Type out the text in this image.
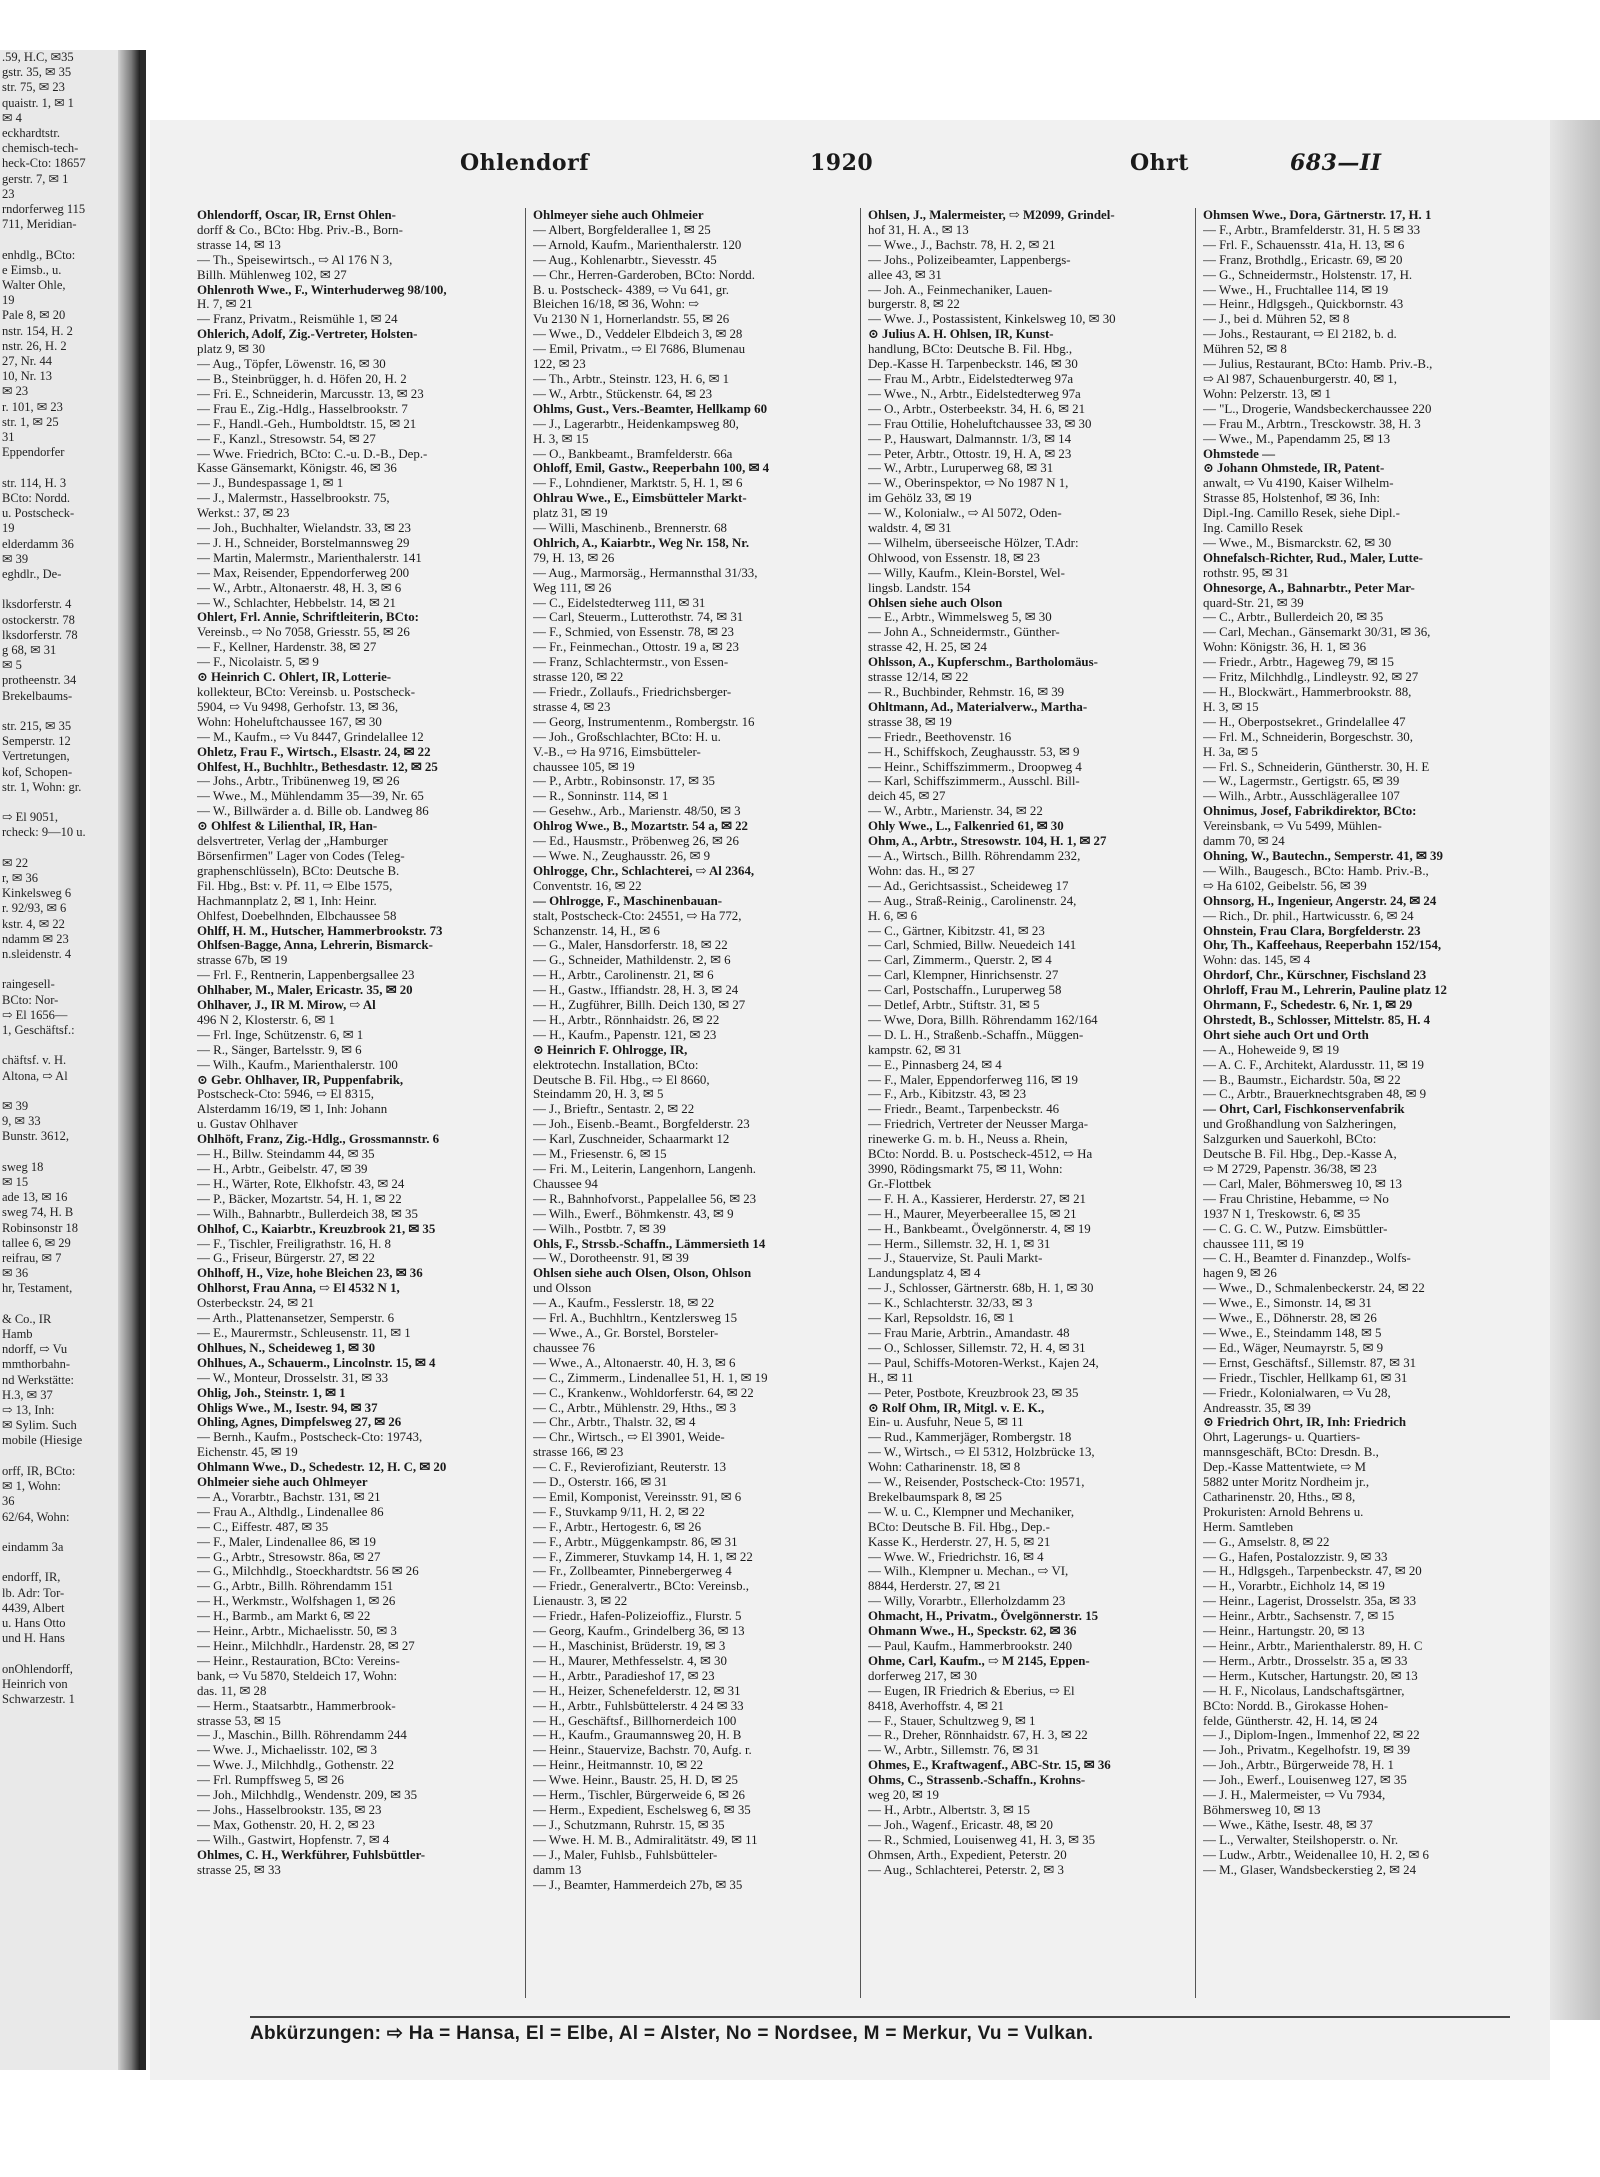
.59, H.C, ✉35
gstr. 35, ✉ 35
str. 75, ✉ 23
quaistr. 1, ✉ 1
✉ 4
eckhardtstr.
chemisch-tech-
heck-Cto: 18657
gerstr. 7, ✉ 1
23
rndorferweg 115
711, Meridian-

enhdlg., BCto:
e Eimsb., u.
Walter Ohle,
19
Pale 8, ✉ 20
nstr. 154, H. 2
nstr. 26, H. 2
27, Nr. 44
10, Nr. 13
✉ 23
r. 101, ✉ 23
str. 1, ✉ 25
31
Eppendorfer

str. 114, H. 3
BCto: Nordd.
u. Postscheck-
19
elderdamm 36
✉ 39
eghdlr., De-

lksdorferstr. 4
ostockerstr. 78
lksdorferstr. 78
g 68, ✉ 31
✉ 5
protheenstr. 34
Brekelbaums-

str. 215, ✉ 35
Semperstr. 12
Vertretungen,
kof, Schopen-
str. 1, Wohn: gr.

⇨ El 9051,
rcheck: 9—10 u.

✉ 22
r, ✉ 36
Kinkelsweg 6
r. 92/93, ✉ 6
kstr. 4, ✉ 22
ndamm ✉ 23
n.sleidenstr. 4

raingesell-
BCto: Nor-
⇨ El 1656—
1, Geschäftsf.:

chäftsf. v. H.
Altona, ⇨ Al

✉ 39
9, ✉ 33
Bunstr. 3612,

sweg 18
✉ 15
ade 13, ✉ 16
sweg 74, H. B
Robinsonstr 18
tallee 6, ✉ 29
reifrau, ✉ 7
✉ 36
hr, Testament,

& Co., IR
Hamb
ndorff, ⇨ Vu
mmthorbahn-
nd Werkstätte:
H.3, ✉ 37
⇨ 13, Inh:
✉ Sylim. Such
mobile (Hiesige

orff, IR, BCto:
✉ 1, Wohn:
36
62/64, Wohn:

eindamm 3a

endorff, IR,
lb. Adr: Tor-
4439, Albert
u. Hans Otto
und H. Hans

onOhlendorff,
Heinrich von
Schwarzestr. 1
Ohlendorf	1920	Ohrt	683—II
Ohlendorff, Oscar, IR, Ernst Ohlen-
dorff & Co., BCto: Hbg. Priv.-B., Born-
strasse 14, ✉ 13
— Th., Speisewirtsch., ⇨ Al 176 N 3,
Billh. Mühlenweg 102, ✉ 27
Ohlenroth Wwe., F., Winterhuderweg 98/100,
H. 7, ✉ 21
— Franz, Privatm., Reismühle 1, ✉ 24
Ohlerich, Adolf, Zig.-Vertreter, Holsten-
platz 9, ✉ 30
— Aug., Töpfer, Löwenstr. 16, ✉ 30
— B., Steinbrügger, h. d. Höfen 20, H. 2
— Fri. E., Schneiderin, Marcusstr. 13, ✉ 23
— Frau E., Zig.-Hdlg., Hasselbrookstr. 7
— F., Handl.-Geh., Humboldtstr. 15, ✉ 21
— F., Kanzl., Stresowstr. 54, ✉ 27
— Wwe. Friedrich, BCto: C.-u. D.-B., Dep.-
Kasse Gänsemarkt, Königstr. 46, ✉ 36
— J., Bundespassage 1, ✉ 1
— J., Malermstr., Hasselbrookstr. 75,
Werkst.: 37, ✉ 23
— Joh., Buchhalter, Wielandstr. 33, ✉ 23
— J. H., Schneider, Borstelmannsweg 29
— Martin, Malermstr., Marienthalerstr. 141
— Max, Reisender, Eppendorferweg 200
— W., Arbtr., Altonaerstr. 48, H. 3, ✉ 6
— W., Schlachter, Hebbelstr. 14, ✉ 21
Ohlert, Frl. Annie, Schriftleiterin, BCto:
Vereinsb., ⇨ No 7058, Griesstr. 55, ✉ 26
— F., Kellner, Hardenstr. 38, ✉ 27
— F., Nicolaistr. 5, ✉ 9
⊙ Heinrich C. Ohlert, IR, Lotterie-
kollekteur, BCto: Vereinsb. u. Postscheck-
5904, ⇨ Vu 9498, Gerhofstr. 13, ✉ 36,
Wohn: Hoheluftchaussee 167, ✉ 30
— M., Kaufm., ⇨ Vu 8447, Grindelallee 12
Ohletz, Frau F., Wirtsch., Elsastr. 24, ✉ 22
Ohlfest, H., Buchhltr., Bethesdastr. 12, ✉ 25
— Johs., Arbtr., Tribünenweg 19, ✉ 26
— Wwe., M., Mühlendamm 35—39, Nr. 65
— W., Billwärder a. d. Bille ob. Landweg 86
⊙ Ohlfest & Lilienthal, IR, Han-
delsvertreter, Verlag der „Hamburger
Börsenfirmen" Lager von Codes (Teleg-
graphenschlüsseln), BCto: Deutsche B.
Fil. Hbg., Bst: v. Pf. 11, ⇨ Elbe 1575,
Hachmannplatz 2, ✉ 1, Inh: Heinr.
Ohlfest, Doebelhnden, Elbchaussee 58
Ohlff, H. M., Hutscher, Hammerbrookstr. 73
Ohlfsen-Bagge, Anna, Lehrerin, Bismarck-
strasse 67b, ✉ 19
— Frl. F., Rentnerin, Lappenbergsallee 23
Ohlhaber, M., Maler, Ericastr. 35, ✉ 20
Ohlhaver, J., IR M. Mirow, ⇨ Al
496 N 2, Klosterstr. 6, ✉ 1
— Frl. Inge, Schützenstr. 6, ✉ 1
— R., Sänger, Bartelsstr. 9, ✉ 6
— Wilh., Kaufm., Marienthalerstr. 100
⊙ Gebr. Ohlhaver, IR, Puppenfabrik,
Postscheck-Cto: 5946, ⇨ El 8315,
Alsterdamm 16/19, ✉ 1, Inh: Johann
u. Gustav Ohlhaver
Ohlhöft, Franz, Zig.-Hdlg., Grossmannstr. 6
— H., Billw. Steindamm 44, ✉ 35
— H., Arbtr., Geibelstr. 47, ✉ 39
— H., Wärter, Rote, Elkhofstr. 43, ✉ 24
— P., Bäcker, Mozartstr. 54, H. 1, ✉ 22
— Wilh., Bahnarbtr., Bullerdeich 38, ✉ 35
Ohlhof, C., Kaiarbtr., Kreuzbrook 21, ✉ 35
— F., Tischler, Freiligrathstr. 16, H. 8
— G., Friseur, Bürgerstr. 27, ✉ 22
Ohlhoff, H., Vize, hohe Bleichen 23, ✉ 36
Ohlhorst, Frau Anna, ⇨ El 4532 N 1,
Osterbeckstr. 24, ✉ 21
— Arth., Plattenansetzer, Semperstr. 6
— E., Maurermstr., Schleusenstr. 11, ✉ 1
Ohlhues, N., Scheideweg 1, ✉ 30
Ohlhues, A., Schauerm., Lincolnstr. 15, ✉ 4
— W., Monteur, Drosselstr. 31, ✉ 33
Ohlig, Joh., Steinstr. 1, ✉ 1
Ohligs Wwe., M., Isestr. 94, ✉ 37
Ohling, Agnes, Dimpfelsweg 27, ✉ 26
— Bernh., Kaufm., Postscheck-Cto: 19743,
Eichenstr. 45, ✉ 19
Ohlmann Wwe., D., Schedestr. 12, H. C, ✉ 20
Ohlmeier siehe auch Ohlmeyer
— A., Vorarbtr., Bachstr. 131, ✉ 21
— Frau A., Althdlg., Lindenallee 86
— C., Eiffestr. 487, ✉ 35
— F., Maler, Lindenallee 86, ✉ 19
— G., Arbtr., Stresowstr. 86a, ✉ 27
— G., Milchhdlg., Stoeckhardtstr. 56 ✉ 26
— G., Arbtr., Billh. Röhrendamm 151
— H., Werkmstr., Wolfshagen 1, ✉ 26
— H., Barmb., am Markt 6, ✉ 22
— Heinr., Arbtr., Michaelisstr. 50, ✉ 3
— Heinr., Milchhdlr., Hardenstr. 28, ✉ 27
— Heinr., Restauration, BCto: Vereins-
bank, ⇨ Vu 5870, Steldeich 17, Wohn:
das. 11, ✉ 28
— Herm., Staatsarbtr., Hammerbrook-
strasse 53, ✉ 15
— J., Maschin., Billh. Röhrendamm 244
— Wwe. J., Michaelisstr. 102, ✉ 3
— Wwe. J., Milchhdlg., Gothenstr. 22
— Frl. Rumpffsweg 5, ✉ 26
— Joh., Milchhdlg., Wendenstr. 209, ✉ 35
— Johs., Hasselbrookstr. 135, ✉ 23
— Max, Gothenstr. 20, H. 2, ✉ 23
— Wilh., Gastwirt, Hopfenstr. 7, ✉ 4
Ohlmes, C. H., Werkführer, Fuhlsbüttler-
strasse 25, ✉ 33
Ohlmeyer siehe auch Ohlmeier
— Albert, Borgfelderallee 1, ✉ 25
— Arnold, Kaufm., Marienthalerstr. 120
— Aug., Kohlenarbtr., Sievesstr. 45
— Chr., Herren-Garderoben, BCto: Nordd.
B. u. Postscheck- 4389, ⇨ Vu 641, gr.
Bleichen 16/18, ✉ 36, Wohn: ⇨
Vu 2130 N 1, Hornerlandstr. 55, ✉ 26
— Wwe., D., Veddeler Elbdeich 3, ✉ 28
— Emil, Privatm., ⇨ El 7686, Blumenau
122, ✉ 23
— Th., Arbtr., Steinstr. 123, H. 6, ✉ 1
— W., Arbtr., Stückenstr. 64, ✉ 23
Ohlms, Gust., Vers.-Beamter, Hellkamp 60
— J., Lagerarbtr., Heidenkampsweg 80,
H. 3, ✉ 15
— O., Bankbeamt., Bramfelderstr. 66a
Ohloff, Emil, Gastw., Reeperbahn 100, ✉ 4
— F., Lohndiener, Marktstr. 5, H. 1, ✉ 6
Ohlrau Wwe., E., Eimsbütteler Markt-
platz 31, ✉ 19
— Willi, Maschinenb., Brennerstr. 68
Ohlrich, A., Kaiarbtr., Weg Nr. 158, Nr.
79, H. 13, ✉ 26
— Aug., Marmorsäg., Hermannsthal 31/33,
Weg 111, ✉ 26
— C., Eidelstedterweg 111, ✉ 31
— Carl, Steuerm., Lutterothstr. 74, ✉ 31
— F., Schmied, von Essenstr. 78, ✉ 23
— Fr., Feinmechan., Ottostr. 19 a, ✉ 23
— Franz, Schlachtermstr., von Essen-
strasse 120, ✉ 22
— Friedr., Zollaufs., Friedrichsberger-
strasse 4, ✉ 23
— Georg, Instrumentenm., Rombergstr. 16
— Joh., Großschlachter, BCto: H. u.
V.-B., ⇨ Ha 9716, Eimsbütteler-
chaussee 105, ✉ 19
— P., Arbtr., Robinsonstr. 17, ✉ 35
— R., Sonninstr. 114, ✉ 1
— Gesehw., Arb., Marienstr. 48/50, ✉ 3
Ohlrog Wwe., B., Mozartstr. 54 a, ✉ 22
— Ed., Hausmstr., Pröbenweg 26, ✉ 26
— Wwe. N., Zeughausstr. 26, ✉ 9
Ohlrogge, Chr., Schlachterei, ⇨ Al 2364,
Conventstr. 16, ✉ 22
— Ohlrogge, F., Maschinenbauan-
stalt, Postscheck-Cto: 24551, ⇨ Ha 772,
Schanzenstr. 14, H., ✉ 6
— G., Maler, Hansdorferstr. 18, ✉ 22
— G., Schneider, Mathildenstr. 2, ✉ 6
— H., Arbtr., Carolinenstr. 21, ✉ 6
— H., Gastw., Iffiandstr. 28, H. 3, ✉ 24
— H., Zugführer, Billh. Deich 130, ✉ 27
— H., Arbtr., Rönnhaidstr. 26, ✉ 22
— H., Kaufm., Papenstr. 121, ✉ 23
⊙ Heinrich F. Ohlrogge, IR,
elektrotechn. Installation, BCto:
Deutsche B. Fil. Hbg., ⇨ El 8660,
Steindamm 20, H. 3, ✉ 5
— J., Brieftr., Sentastr. 2, ✉ 22
— Joh., Eisenb.-Beamt., Borgfelderstr. 23
— Karl, Zuschneider, Schaarmarkt 12
— M., Friesenstr. 6, ✉ 15
— Fri. M., Leiterin, Langenhorn, Langenh.
Chaussee 94
— R., Bahnhofvorst., Pappelallee 56, ✉ 23
— Wilh., Ewerf., Böhmkenstr. 43, ✉ 9
— Wilh., Postbtr. 7, ✉ 39
Ohls, F., Strssb.-Schaffn., Lämmersieth 14
— W., Dorotheenstr. 91, ✉ 39
Ohlsen siehe auch Olsen, Olson, Ohlson
und Olsson
— A., Kaufm., Fesslerstr. 18, ✉ 22
— Frl. A., Buchhltrn., Kentzlersweg 15
— Wwe., A., Gr. Borstel, Borsteler-
chaussee 76
— Wwe., A., Altonaerstr. 40, H. 3, ✉ 6
— C., Zimmerm., Lindenallee 51, H. 1, ✉ 19
— C., Krankenw., Wohldorferstr. 64, ✉ 22
— C., Arbtr., Mühlenstr. 29, Hths., ✉ 3
— Chr., Arbtr., Thalstr. 32, ✉ 4
— Chr., Wirtsch., ⇨ El 3901, Weide-
strasse 166, ✉ 23
— C. F., Revierofiziant, Reuterstr. 13
— D., Osterstr. 166, ✉ 31
— Emil, Komponist, Vereinsstr. 91, ✉ 6
— F., Stuvkamp 9/11, H. 2, ✉ 22
— F., Arbtr., Hertogestr. 6, ✉ 26
— F., Arbtr., Müggenkampstr. 86, ✉ 31
— F., Zimmerer, Stuvkamp 14, H. 1, ✉ 22
— Fr., Zollbeamter, Pinnebergerweg 4
— Friedr., Generalvertr., BCto: Vereinsb.,
Lienaustr. 3, ✉ 22
— Friedr., Hafen-Polizeioffiz., Flurstr. 5
— Georg, Kaufm., Grindelberg 36, ✉ 13
— H., Maschinist, Brüderstr. 19, ✉ 3
— H., Maurer, Methfesselstr. 4, ✉ 30
— H., Arbtr., Paradieshof 17, ✉ 23
— H., Heizer, Schenefelderstr. 12, ✉ 31
— H., Arbtr., Fuhlsbüttelerstr. 4 24 ✉ 33
— H., Geschäftsf., Billhornerdeich 100
— H., Kaufm., Graumannsweg 20, H. B
— Heinr., Stauervize, Bachstr. 70, Aufg. r.
— Heinr., Heitmannstr. 10, ✉ 22
— Wwe. Heinr., Baustr. 25, H. D, ✉ 25
— Herm., Tischler, Bürgerweide 6, ✉ 26
— Herm., Expedient, Eschelsweg 6, ✉ 35
— J., Schutzmann, Ruhrstr. 15, ✉ 35
— Wwe. H. M. B., Admiralitätstr. 49, ✉ 11
— J., Maler, Fuhlsb., Fuhlsbütteler-
damm 13
— J., Beamter, Hammerdeich 27b, ✉ 35
Ohlsen, J., Malermeister, ⇨ M2099, Grindel-
hof 31, H. A., ✉ 13
— Wwe., J., Bachstr. 78, H. 2, ✉ 21
— Johs., Polizeibeamter, Lappenbergs-
allee 43, ✉ 31
— Joh. A., Feinmechaniker, Lauen-
burgerstr. 8, ✉ 22
— Wwe. J., Postassistent, Kinkelsweg 10, ✉ 30
⊙ Julius A. H. Ohlsen, IR, Kunst-
handlung, BCto: Deutsche B. Fil. Hbg.,
Dep.-Kasse H. Tarpenbeckstr. 146, ✉ 30
— Frau M., Arbtr., Eidelstedterweg 97a
— Wwe., N., Arbtr., Eidelstedterweg 97a
— O., Arbtr., Osterbeekstr. 34, H. 6, ✉ 21
— Frau Ottilie, Hoheluftchaussee 33, ✉ 30
— P., Hauswart, Dalmannstr. 1/3, ✉ 14
— Peter, Arbtr., Ottostr. 19, H. A, ✉ 23
— W., Arbtr., Luruperweg 68, ✉ 31
— W., Oberinspektor, ⇨ No 1987 N 1,
im Gehölz 33, ✉ 19
— W., Kolonialw., ⇨ Al 5072, Oden-
waldstr. 4, ✉ 31
— Wilhelm, überseeische Hölzer, T.Adr:
Ohlwood, von Essenstr. 18, ✉ 23
— Willy, Kaufm., Klein-Borstel, Wel-
lingsb. Landstr. 154
Ohlsen siehe auch Olson
— E., Arbtr., Wimmelsweg 5, ✉ 30
— John A., Schneidermstr., Günther-
strasse 42, H. 25, ✉ 24
Ohlsson, A., Kupferschm., Bartholomäus-
strasse 12/14, ✉ 22
— R., Buchbinder, Rehmstr. 16, ✉ 39
Ohltmann, Ad., Materialverw., Martha-
strasse 38, ✉ 19
— Friedr., Beethovenstr. 16
— H., Schiffskoch, Zeughausstr. 53, ✉ 9
— Heinr., Schiffszimmerm., Droopweg 4
— Karl, Schiffszimmerm., Ausschl. Bill-
deich 45, ✉ 27
— W., Arbtr., Marienstr. 34, ✉ 22
Ohly Wwe., L., Falkenried 61, ✉ 30
Ohm, A., Arbtr., Stresowstr. 104, H. 1, ✉ 27
— A., Wirtsch., Billh. Röhrendamm 232,
Wohn: das. H., ✉ 27
— Ad., Gerichtsassist., Scheideweg 17
— Aug., Straß-Reinig., Carolinenstr. 24,
H. 6, ✉ 6
— C., Gärtner, Kibitzstr. 41, ✉ 23
— Carl, Schmied, Billw. Neuedeich 141
— Carl, Zimmerm., Querstr. 2, ✉ 4
— Carl, Klempner, Hinrichsenstr. 27
— Carl, Postschaffn., Luruperweg 58
— Detlef, Arbtr., Stiftstr. 31, ✉ 5
— Wwe, Dora, Billh. Röhrendamm 162/164
— D. L. H., Straßenb.-Schaffn., Müggen-
kampstr. 62, ✉ 31
— E., Pinnasberg 24, ✉ 4
— F., Maler, Eppendorferweg 116, ✉ 19
— F., Arb., Kibitzstr. 43, ✉ 23
— Friedr., Beamt., Tarpenbeckstr. 46
— Friedrich, Vertreter der Neusser Marga-
rinewerke G. m. b. H., Neuss a. Rhein,
BCto: Nordd. B. u. Postscheck-4512, ⇨ Ha
3990, Rödingsmarkt 75, ✉ 11, Wohn:
Gr.-Flottbek
— F. H. A., Kassierer, Herderstr. 27, ✉ 21
— H., Maurer, Meyerbeerallee 15, ✉ 21
— H., Bankbeamt., Övelgönnerstr. 4, ✉ 19
— Herm., Sillemstr. 32, H. 1, ✉ 31
— J., Stauervize, St. Pauli Markt-
Landungsplatz 4, ✉ 4
— J., Schlosser, Gärtnerstr. 68b, H. 1, ✉ 30
— K., Schlachterstr. 32/33, ✉ 3
— Karl, Repsoldstr. 16, ✉ 1
— Frau Marie, Arbtrin., Amandastr. 48
— O., Schlosser, Sillemstr. 72, H. 4, ✉ 31
— Paul, Schiffs-Motoren-Werkst., Kajen 24,
H., ✉ 11
— Peter, Postbote, Kreuzbrook 23, ✉ 35
⊙ Rolf Ohm, IR, Mitgl. v. E. K.,
Ein- u. Ausfuhr, Neue 5, ✉ 11
— Rud., Kammerjäger, Rombergstr. 18
— W., Wirtsch., ⇨ El 5312, Holzbrücke 13,
Wohn: Catharinenstr. 18, ✉ 8
— W., Reisender, Postscheck-Cto: 19571,
Brekelbaumspark 8, ✉ 25
— W. u. C., Klempner und Mechaniker,
BCto: Deutsche B. Fil. Hbg., Dep.-
Kasse K., Herderstr. 27, H. 5, ✉ 21
— Wwe. W., Friedrichstr. 16, ✉ 4
— Wilh., Klempner u. Mechan., ⇨ VI,
8844, Herderstr. 27, ✉ 21
— Willy, Vorarbtr., Ellerholzdamm 23
Ohmacht, H., Privatm., Övelgönnerstr. 15
Ohmann Wwe., H., Speckstr. 62, ✉ 36
— Paul, Kaufm., Hammerbrookstr. 240
Ohme, Carl, Kaufm., ⇨ M 2145, Eppen-
dorferweg 217, ✉ 30
— Eugen, IR Friedrich & Eberius, ⇨ El
8418, Averhoffstr. 4, ✉ 21
— F., Stauer, Schultzweg 9, ✉ 1
— R., Dreher, Rönnhaidstr. 67, H. 3, ✉ 22
— W., Arbtr., Sillemstr. 76, ✉ 31
Ohmes, E., Kraftwagenf., ABC-Str. 15, ✉ 36
Ohms, C., Strassenb.-Schaffn., Krohns-
weg 20, ✉ 19
— H., Arbtr., Albertstr. 3, ✉ 15
— Joh., Wagenf., Ericastr. 48, ✉ 20
— R., Schmied, Louisenweg 41, H. 3, ✉ 35
Ohmsen, Arth., Expedient, Peterstr. 20
— Aug., Schlachterei, Peterstr. 2, ✉ 3
Ohmsen Wwe., Dora, Gärtnerstr. 17, H. 1
— F., Arbtr., Bramfelderstr. 31, H. 5 ✉ 33
— Frl. F., Schauensstr. 41a, H. 13, ✉ 6
— Franz, Brothdlg., Ericastr. 69, ✉ 20
— G., Schneidermstr., Holstenstr. 17, H.
— Wwe., H., Fruchtallee 114, ✉ 19
— Heinr., Hdlgsgeh., Quickbornstr. 43
— J., bei d. Mühren 52, ✉ 8
— Johs., Restaurant, ⇨ El 2182, b. d.
Mühren 52, ✉ 8
— Julius, Restaurant, BCto: Hamb. Priv.-B.,
⇨ Al 987, Schauenburgerstr. 40, ✉ 1,
Wohn: Pelzerstr. 13, ✉ 1
— "L., Drogerie, Wandsbeckerchaussee 220
— Frau M., Arbtrn., Tresckowstr. 38, H. 3
— Wwe., M., Papendamm 25, ✉ 13
Ohmstede —
⊙ Johann Ohmstede, IR, Patent-
anwalt, ⇨ Vu 4190, Kaiser Wilhelm-
Strasse 85, Holstenhof, ✉ 36, Inh:
Dipl.-Ing. Camillo Resek, siehe Dipl.-
Ing. Camillo Resek
— Wwe., M., Bismarckstr. 62, ✉ 30
Ohnefalsch-Richter, Rud., Maler, Lutte-
rothstr. 95, ✉ 31
Ohnesorge, A., Bahnarbtr., Peter Mar-
quard-Str. 21, ✉ 39
— C., Arbtr., Bullerdeich 20, ✉ 35
— Carl, Mechan., Gänsemarkt 30/31, ✉ 36,
Wohn: Königstr. 36, H. 1, ✉ 36
— Friedr., Arbtr., Hageweg 79, ✉ 15
— Fritz, Milchhdlg., Lindleystr. 92, ✉ 27
— H., Blockwärt., Hammerbrookstr. 88,
H. 3, ✉ 15
— H., Oberpostsekret., Grindelallee 47
— Frl. M., Schneiderin, Borgeschstr. 30,
H. 3a, ✉ 5
— Frl. S., Schneiderin, Güntherstr. 30, H. E
— W., Lagermstr., Gertigstr. 65, ✉ 39
— Wilh., Arbtr., Ausschlägerallee 107
Ohnimus, Josef, Fabrikdirektor, BCto:
Vereinsbank, ⇨ Vu 5499, Mühlen-
damm 70, ✉ 24
Ohning, W., Bautechn., Semperstr. 41, ✉ 39
— Wilh., Baugesch., BCto: Hamb. Priv.-B.,
⇨ Ha 6102, Geibelstr. 56, ✉ 39
Ohnsorg, H., Ingenieur, Angerstr. 24, ✉ 24
— Rich., Dr. phil., Hartwicusstr. 6, ✉ 24
Ohnstein, Frau Clara, Borgfelderstr. 23
Ohr, Th., Kaffeehaus, Reeperbahn 152/154,
Wohn: das. 145, ✉ 4
Ohrdorf, Chr., Kürschner, Fischsland 23
Ohrloff, Frau M., Lehrerin, Pauline platz 12
Ohrmann, F., Schedestr. 6, Nr. 1, ✉ 29
Ohrstedt, B., Schlosser, Mittelstr. 85, H. 4
Ohrt siehe auch Ort und Orth
— A., Hoheweide 9, ✉ 19
— A. C. F., Architekt, Alardusstr. 11, ✉ 19
— B., Baumstr., Eichardstr. 50a, ✉ 22
— C., Arbtr., Brauerknechtsgraben 48, ✉ 9
— Ohrt, Carl, Fischkonservenfabrik
und Großhandlung von Salzheringen,
Salzgurken und Sauerkohl, BCto:
Deutsche B. Fil. Hbg., Dep.-Kasse A,
⇨ M 2729, Papenstr. 36/38, ✉ 23
— Carl, Maler, Böhmersweg 10, ✉ 13
— Frau Christine, Hebamme, ⇨ No
1937 N 1, Treskowstr. 6, ✉ 35
— C. G. C. W., Putzw. Eimsbüttler-
chaussee 111, ✉ 19
— C. H., Beamter d. Finanzdep., Wolfs-
hagen 9, ✉ 26
— Wwe., D., Schmalenbeckerstr. 24, ✉ 22
— Wwe., E., Simonstr. 14, ✉ 31
— Wwe., E., Döhnerstr. 28, ✉ 26
— Wwe., E., Steindamm 148, ✉ 5
— Ed., Wäger, Neumayrstr. 5, ✉ 9
— Ernst, Geschäftsf., Sillemstr. 87, ✉ 31
— Friedr., Tischler, Hellkamp 61, ✉ 31
— Friedr., Kolonialwaren, ⇨ Vu 28,
Andreasstr. 35, ✉ 39
⊙ Friedrich Ohrt, IR, Inh: Friedrich
Ohrt, Lagerungs- u. Quartiers-
mannsgeschäft, BCto: Dresdn. B.,
Dep.-Kasse Mattentwiete, ⇨ M
5882 unter Moritz Nordheim jr.,
Catharinenstr. 20, Hths., ✉ 8,
Prokuristen: Arnold Behrens u.
Herm. Samtleben
— G., Amselstr. 8, ✉ 22
— G., Hafen, Postalozzistr. 9, ✉ 33
— H., Hdlgsgeh., Tarpenbeckstr. 47, ✉ 20
— H., Vorarbtr., Eichholz 14, ✉ 19
— Heinr., Lagerist, Drosselstr. 35a, ✉ 33
— Heinr., Arbtr., Sachsenstr. 7, ✉ 15
— Heinr., Hartungstr. 20, ✉ 13
— Heinr., Arbtr., Marienthalerstr. 89, H. C
— Herm., Arbtr., Drosselstr. 35 a, ✉ 33
— Herm., Kutscher, Hartungstr. 20, ✉ 13
— H. F., Nicolaus, Landschaftsgärtner,
BCto: Nordd. B., Girokasse Hohen-
felde, Güntherstr. 42, H. 14, ✉ 24
— J., Diplom-Ingen., Immenhof 22, ✉ 22
— Joh., Privatm., Kegelhofstr. 19, ✉ 39
— Joh., Arbtr., Bürgerweide 78, H. 1
— Joh., Ewerf., Louisenweg 127, ✉ 35
— J. H., Malermeister, ⇨ Vu 7934,
Böhmersweg 10, ✉ 13
— Wwe., Käthe, Isestr. 48, ✉ 37
— L., Verwalter, Steilshoperstr. o. Nr.
— Ludw., Arbtr., Weidenallee 10, H. 2, ✉ 6
— M., Glaser, Wandsbeckerstieg 2, ✉ 24
Abkürzungen: ⇨ Ha = Hansa, El = Elbe, Al = Alster, No = Nordsee, M = Merkur, Vu = Vulkan.
